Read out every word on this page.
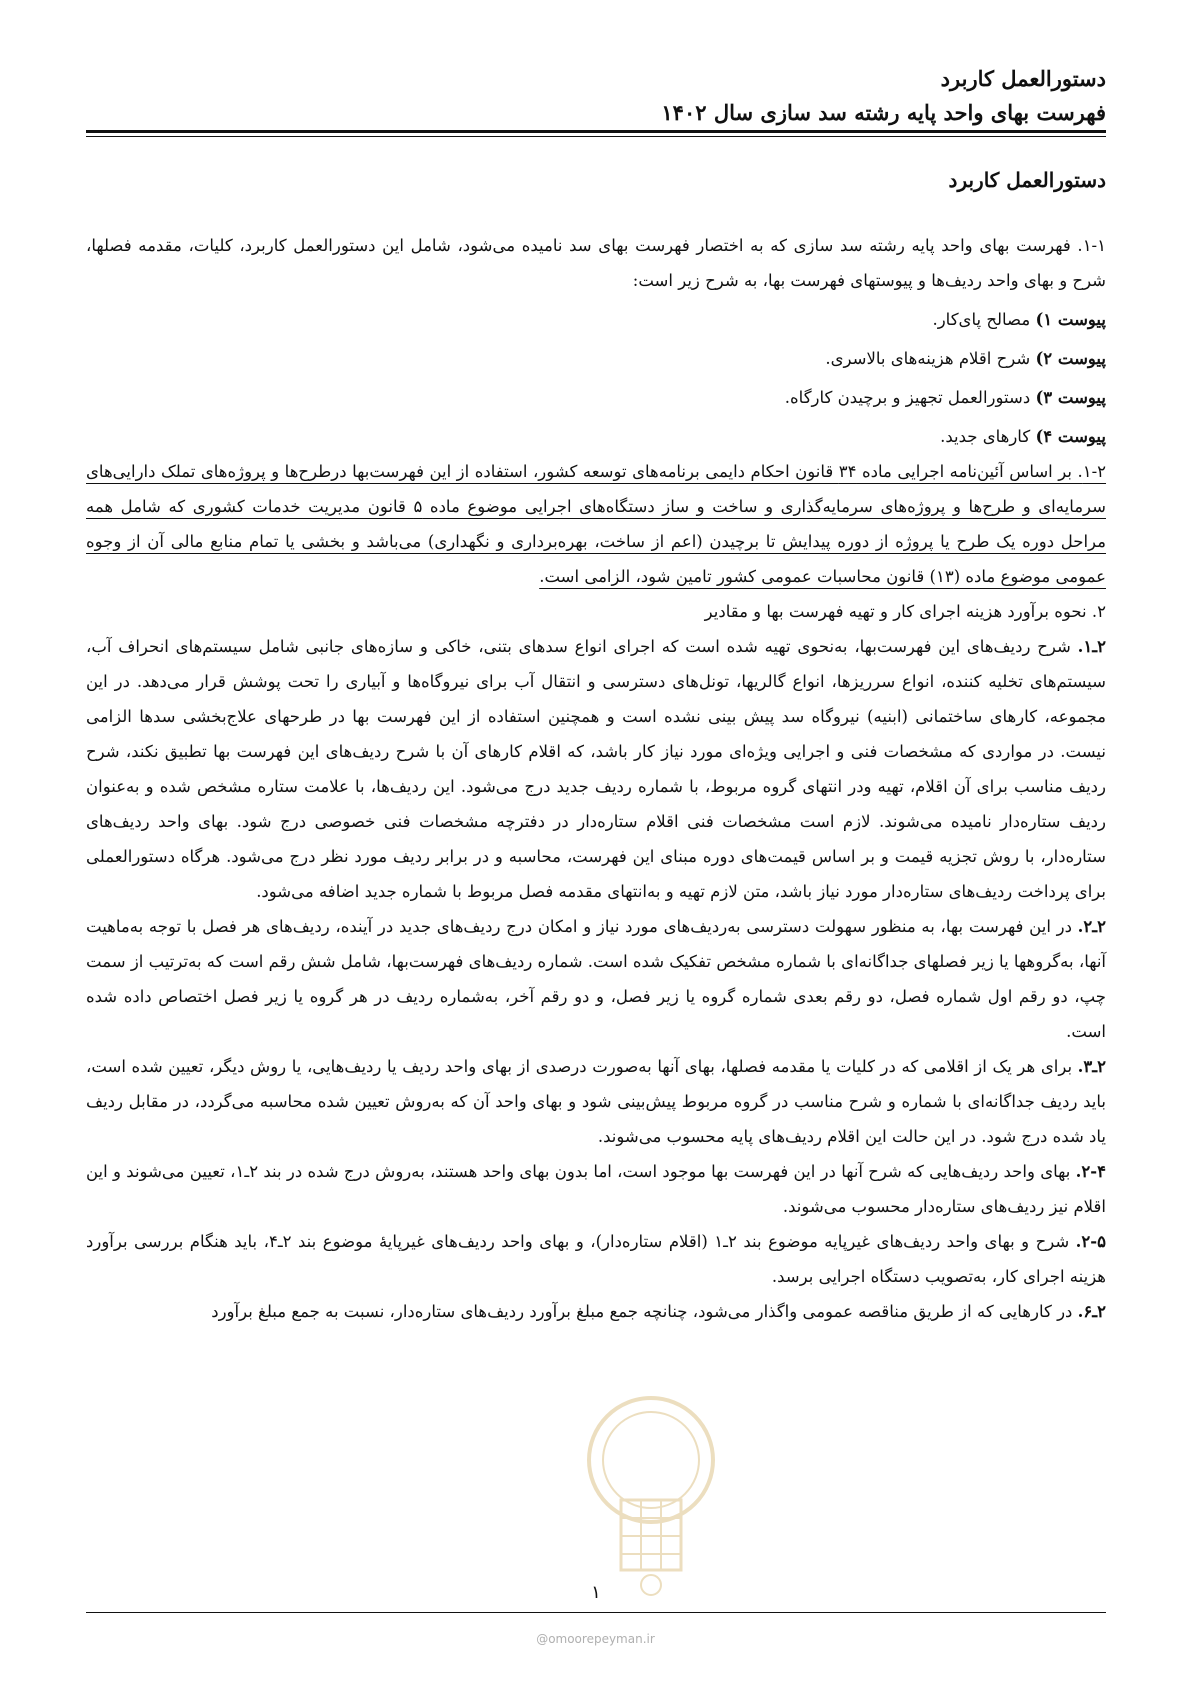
دستورالعمل کاربرد
فهرست بهای واحد پایه رشته سد سازی سال ۱۴۰۲
دستورالعمل کاربرد

۱-۱. فهرست بهای واحد پایه رشته سد سازی که به اختصار فهرست بهای سد نامیده می‌شود، شامل این دستورالعمل کاربرد، کلیات، مقدمه فصلها، شرح و بهای واحد ردیف‌ها و پیوستهای فهرست بها، به شرح زیر است:

پیوست ۱) مصالح پای‌کار.

پیوست ۲) شرح اقلام هزینه‌های بالاسری.

پیوست ۳) دستورالعمل تجهیز و برچیدن کارگاه.

پیوست ۴) کارهای جدید.

۱-۲. بر اساس آئین‌نامه اجرایی ماده ۳۴ قانون احکام دایمی برنامه‌های توسعه کشور، استفاده از این فهرست‌بها درطرح‌ها و پروژه‌های تملک دارایی‌های سرمایه‌ای و طرح‌ها و پروژه‌های سرمایه‌گذاری و ساخت و ساز دستگاه‌های اجرایی موضوع ماده ۵ قانون مدیریت خدمات کشوری که شامل همه مراحل دوره یک طرح یا پروژه از دوره پیدایش تا برچیدن (اعم از ساخت، بهره‌برداری و نگهداری) می‌باشد و بخشی یا تمام منابع مالی آن از وجوه عمومی موضوع ماده (۱۳) قانون محاسبات عمومی کشور تامین شود، الزامی است.

۲. نحوه برآورد هزینه اجرای کار و تهیه فهرست بها و مقادیر

۲ـ۱. شرح ردیف‌های این فهرست‌بها، به‌نحوی تهیه شده است که اجرای انواع سدهای بتنی، خاکی و سازه‌های جانبی شامل سیستم‌های انحراف آب، سیستم‌های تخلیه کننده، انواع سرریزها، انواع گالریها، تونل‌های دسترسی و انتقال آب برای نیروگاه‌ها و آبیاری را تحت پوشش قرار می‌دهد. در این مجموعه، کارهای ساختمانی (ابنیه) نیروگاه سد پیش بینی نشده است و همچنین استفاده از این فهرست بها در طرحهای علاج‌بخشی سدها الزامی نیست. در مواردی که مشخصات فنی و اجرایی ویژه‌ای مورد نیاز کار باشد، که اقلام کارهای آن با شرح ردیف‌های این فهرست بها تطبیق نکند، شرح ردیف مناسب برای آن اقلام، تهیه ودر انتهای گروه مربوط، با شماره ردیف جدید درج می‌شود. این ردیف‌ها، با علامت ستاره مشخص شده و به‌عنوان ردیف ستاره‌دار نامیده می‌شوند. لازم است مشخصات فنی اقلام ستاره‌دار در دفترچه مشخصات فنی خصوصی درج شود. بهای واحد ردیف‌های ستاره‌دار، با روش تجزیه قیمت و بر اساس قیمت‌های دوره مبنای این فهرست، محاسبه و در برابر ردیف مورد نظر درج می‌شود. هرگاه دستورالعملی برای پرداخت ردیف‌های ستاره‌دار مورد نیاز باشد، متن لازم تهیه و به‌انتهای مقدمه فصل مربوط با شماره جدید اضافه می‌شود.

۲ـ۲. در این فهرست بها، به منظور سهولت دسترسی به‌ردیف‌های مورد نیاز و امکان درج ردیف‌های جدید در آینده، ردیف‌های هر فصل با توجه به‌ماهیت آنها، به‌گروهها یا زیر فصلهای جداگانه‌ای با شماره مشخص تفکیک شده است. شماره ردیف‌های فهرست‌بها، شامل شش رقم است که به‌ترتیب از سمت چپ، دو رقم اول شماره فصل، دو رقم بعدی شماره گروه یا زیر فصل، و دو رقم آخر، به‌شماره ردیف در هر گروه یا زیر فصل اختصاص داده شده است.

۲ـ۳. برای هر یک از اقلامی که در کلیات یا مقدمه فصلها، بهای آنها به‌صورت درصدی از بهای واحد ردیف یا ردیف‌هایی، یا روش دیگر، تعیین شده است، باید ردیف جداگانه‌ای با شماره و شرح مناسب در گروه مربوط پیش‌بینی شود و بهای واحد آن که به‌روش تعیین شده محاسبه می‌گردد، در مقابل ردیف یاد شده درج شود. در این حالت این اقلام ردیف‌های پایه محسوب می‌شوند.

۲-۴. بهای واحد ردیف‌هایی که شرح آنها در این فهرست بها موجود است، اما بدون بهای واحد هستند، به‌روش درج شده در بند ۲ـ۱، تعیین می‌شوند و این اقلام نیز ردیف‌های ستاره‌دار محسوب می‌شوند.

۲-۵. شرح و بهای واحد ردیف‌های غیرپایه موضوع بند ۲ـ۱ (اقلام ستاره‌دار)، و بهای واحد ردیف‌های غیرپایهٔ موضوع بند ۲ـ۴، باید هنگام بررسی برآورد هزینه اجرای کار، به‌تصویب دستگاه اجرایی برسد.

۲ـ۶. در کارهایی که از طریق مناقصه عمومی واگذار می‌شود، چنانچه جمع مبلغ برآورد ردیف‌های ستاره‌دار، نسبت به جمع مبلغ برآورد

۱
@omoorepeyman.ir
